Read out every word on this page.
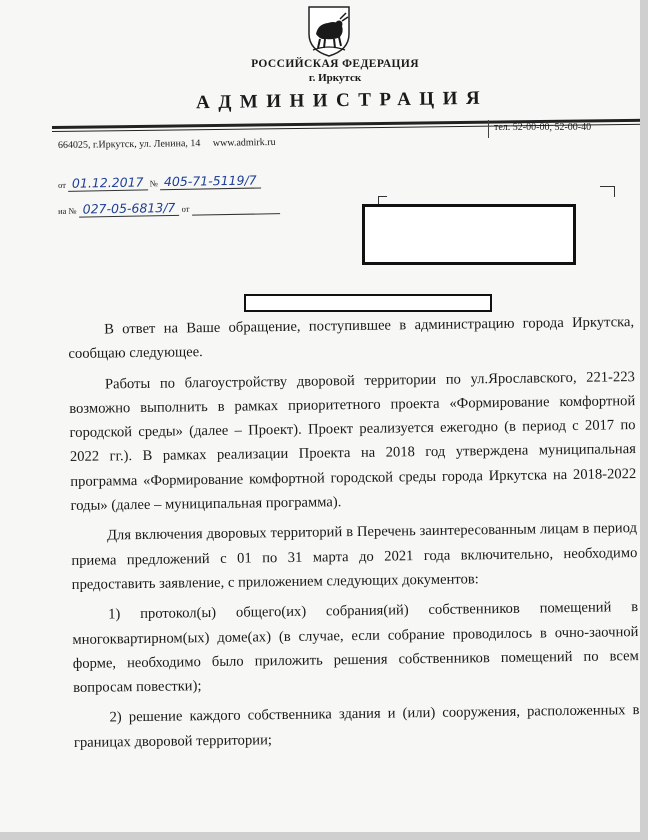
РОССИЙСКАЯ ФЕДЕРАЦИЯ
г. Иркутск
АДМИНИСТРАЦИЯ
664025, г.Иркутск, ул. Ленина, 14 www.admirk.ru
тел. 52-00-00, 52-00-40
от 01.12.2017 № 405-71-5119/7
на № 027-05-6813/7 от

В ответ на Ваше обращение, поступившее в администрацию города Иркутска, сообщаю следующее.

Работы по благоустройству дворовой территории по ул.Ярославского, 221-223 возможно выполнить в рамках приоритетного проекта «Формирование комфортной городской среды» (далее – Проект). Проект реализуется ежегодно (в период с 2017 по 2022 гг.). В рамках реализации Проекта на 2018 год утверждена муниципальная программа «Формирование комфортной городской среды города Иркутска на 2018-2022 годы» (далее – муниципальная программа).

Для включения дворовых территорий в Перечень заинтересованным лицам в период приема предложений с 01 по 31 марта до 2021 года включительно, необходимо предоставить заявление, с приложением следующих документов:

1) протокол(ы) общего(их) собрания(ий) собственников помещений в многоквартирном(ых) доме(ах) (в случае, если собрание проводилось в очно-заочной форме, необходимо было приложить решения собственников помещений по всем вопросам повестки);

2) решение каждого собственника здания и (или) сооружения, расположенных в границах дворовой территории;
